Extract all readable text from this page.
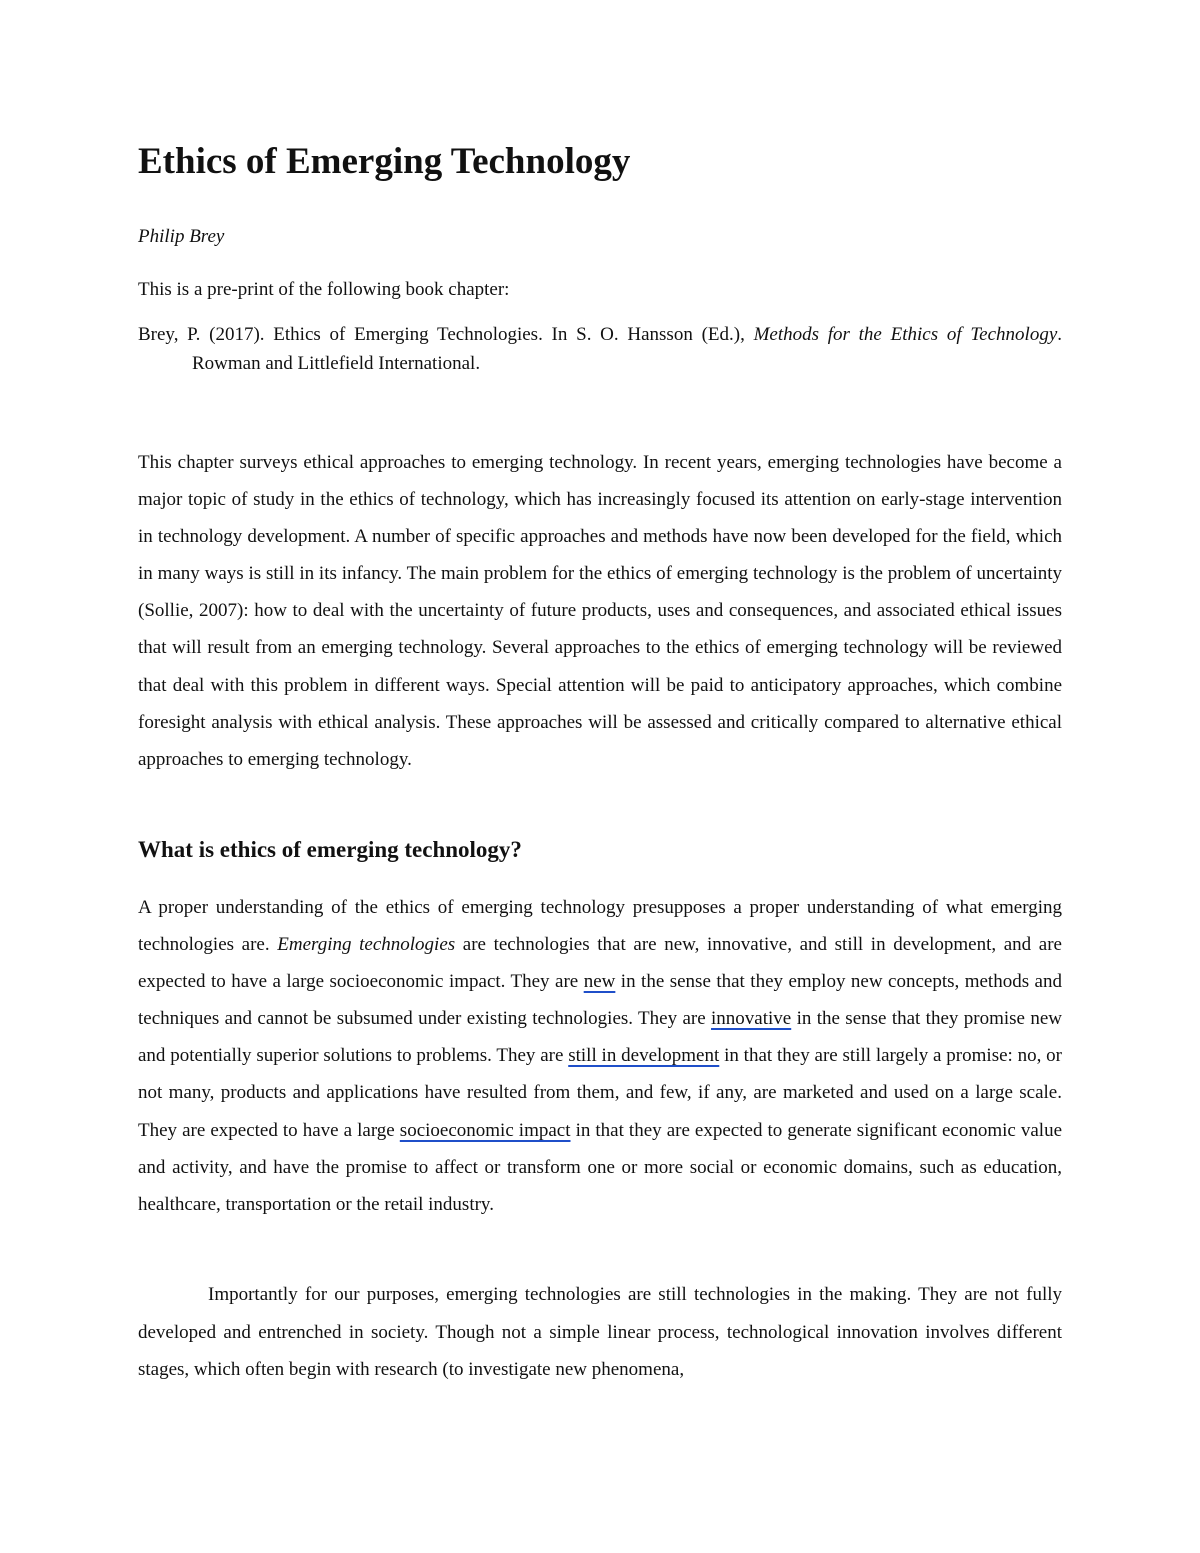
Ethics of Emerging Technology
Philip Brey
This is a pre-print of the following book chapter:
Brey, P. (2017). Ethics of Emerging Technologies. In S. O. Hansson (Ed.), Methods for the Ethics of Technology. Rowman and Littlefield International.

This chapter surveys ethical approaches to emerging technology. In recent years, emerging technologies have become a major topic of study in the ethics of technology, which has increasingly focused its attention on early-stage intervention in technology development. A number of specific approaches and methods have now been developed for the field, which in many ways is still in its infancy. The main problem for the ethics of emerging technology is the problem of uncertainty (Sollie, 2007): how to deal with the uncertainty of future products, uses and consequences, and associated ethical issues that will result from an emerging technology. Several approaches to the ethics of emerging technology will be reviewed that deal with this problem in different ways. Special attention will be paid to anticipatory approaches, which combine foresight analysis with ethical analysis. These approaches will be assessed and critically compared to alternative ethical approaches to emerging technology.

What is ethics of emerging technology?

A proper understanding of the ethics of emerging technology presupposes a proper understanding of what emerging technologies are. Emerging technologies are technologies that are new, innovative, and still in development, and are expected to have a large socioeconomic impact. They are new in the sense that they employ new concepts, methods and techniques and cannot be subsumed under existing technologies. They are innovative in the sense that they promise new and potentially superior solutions to problems. They are still in development in that they are still largely a promise: no, or not many, products and applications have resulted from them, and few, if any, are marketed and used on a large scale. They are expected to have a large socioeconomic impact in that they are expected to generate significant economic value and activity, and have the promise to affect or transform one or more social or economic domains, such as education, healthcare, transportation or the retail industry.

Importantly for our purposes, emerging technologies are still technologies in the making. They are not fully developed and entrenched in society. Though not a simple linear process, technological innovation involves different stages, which often begin with research (to investigate new phenomena,
